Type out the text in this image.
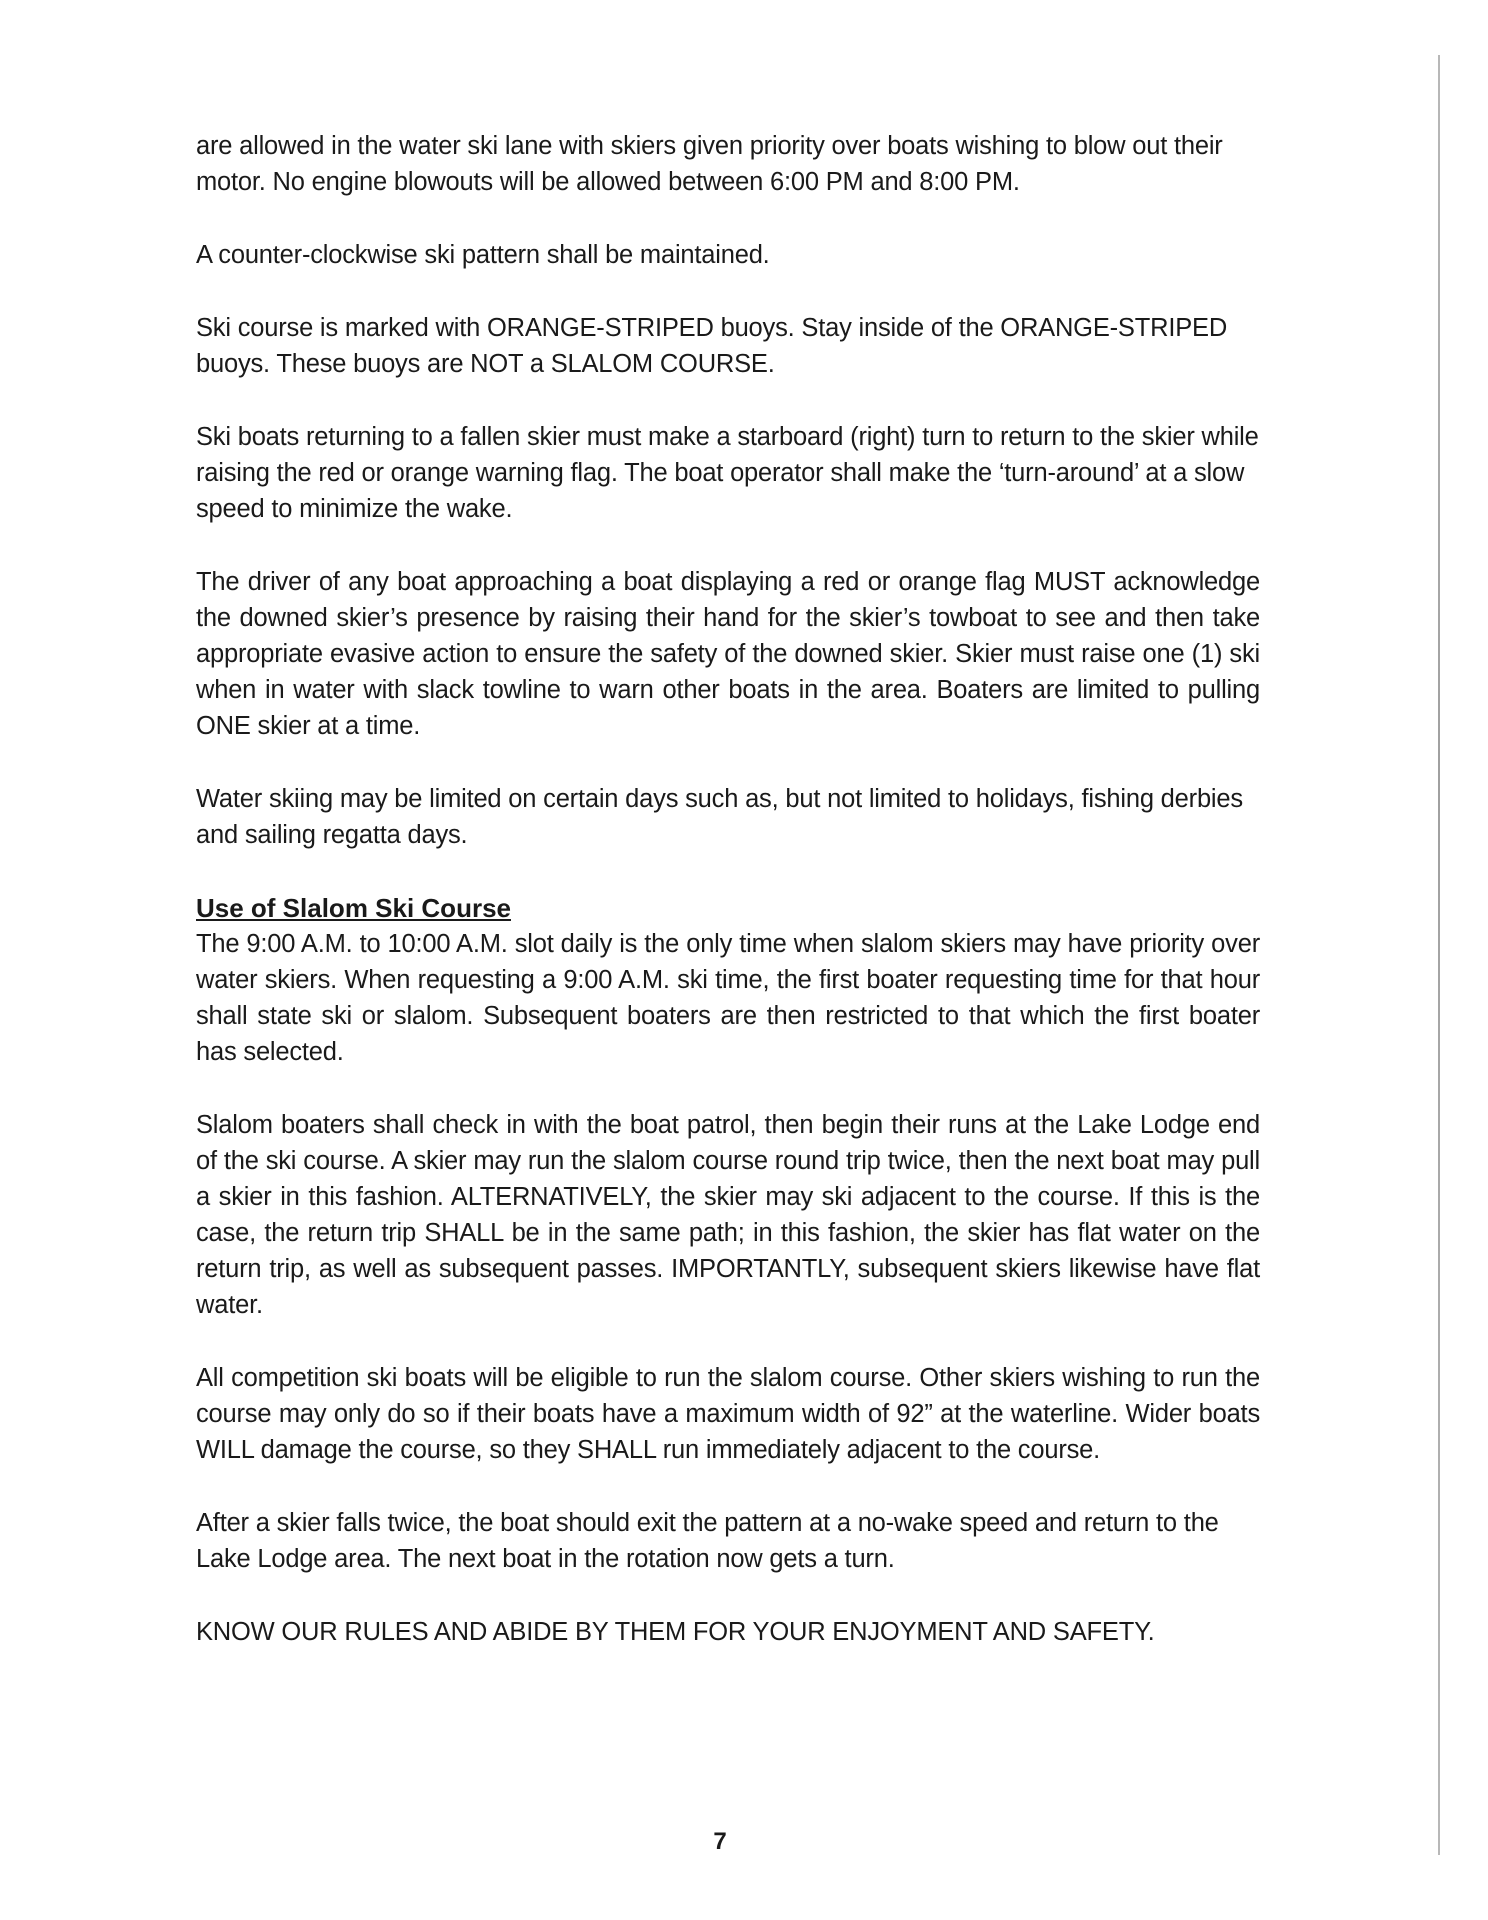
are allowed in the water ski lane with skiers given priority over boats wishing to blow out their motor. No engine blowouts will be allowed between 6:00 PM and 8:00 PM.

A counter-clockwise ski pattern shall be maintained.

Ski course is marked with ORANGE-STRIPED buoys. Stay inside of the ORANGE-STRIPED buoys. These buoys are NOT a SLALOM COURSE.

Ski boats returning to a fallen skier must make a starboard (right) turn to return to the skier while raising the red or orange warning flag. The boat operator shall make the ‘turn-around’ at a slow speed to minimize the wake.

The driver of any boat approaching a boat displaying a red or orange flag MUST acknowledge the downed skier’s presence by raising their hand for the skier’s towboat to see and then take appropriate evasive action to ensure the safety of the downed skier. Skier must raise one (1) ski when in water with slack towline to warn other boats in the area. Boaters are limited to pulling ONE skier at a time.

Water skiing may be limited on certain days such as, but not limited to holidays, fishing derbies and sailing regatta days.

Use of Slalom Ski Course

The 9:00 A.M. to 10:00 A.M. slot daily is the only time when slalom skiers may have priority over water skiers. When requesting a 9:00 A.M. ski time, the first boater requesting time for that hour shall state ski or slalom. Subsequent boaters are then restricted to that which the first boater has selected.

Slalom boaters shall check in with the boat patrol, then begin their runs at the Lake Lodge end of the ski course. A skier may run the slalom course round trip twice, then the next boat may pull a skier in this fashion. ALTERNATIVELY, the skier may ski adjacent to the course. If this is the case, the return trip SHALL be in the same path; in this fashion, the skier has flat water on the return trip, as well as subsequent passes. IMPORTANTLY, subsequent skiers likewise have flat water.

All competition ski boats will be eligible to run the slalom course. Other skiers wishing to run the course may only do so if their boats have a maximum width of 92” at the waterline. Wider boats WILL damage the course, so they SHALL run immediately adjacent to the course.

After a skier falls twice, the boat should exit the pattern at a no-wake speed and return to the Lake Lodge area. The next boat in the rotation now gets a turn.

KNOW OUR RULES AND ABIDE BY THEM FOR YOUR ENJOYMENT AND SAFETY.

7
